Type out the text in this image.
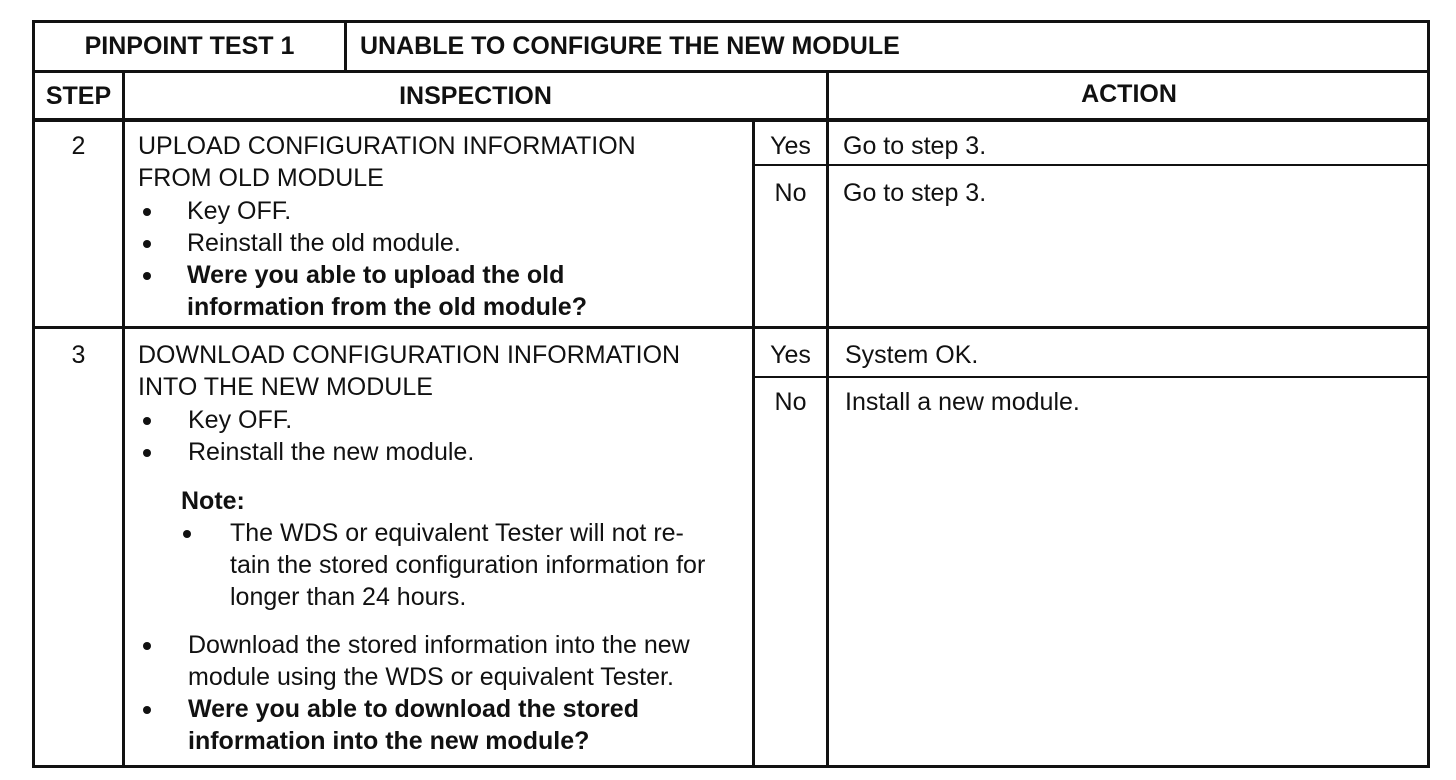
PINPOINT TEST 1	UNABLE TO CONFIGURE THE NEW MODULE
STEP	INSPECTION	ACTION
2	UPLOAD CONFIGURATION INFORMATION
FROM OLD MODULE
Key OFF.
Reinstall the old module.
Were you able to upload the old
information from the old module?
Yes	Go to step 3.
No	Go to step 3.
3	DOWNLOAD CONFIGURATION INFORMATION
INTO THE NEW MODULE
Key OFF.
Reinstall the new module.
Note:
The WDS or equivalent Tester will not re-
tain the stored configuration information for
longer than 24 hours.
Download the stored information into the new
module using the WDS or equivalent Tester.
Were you able to download the stored
information into the new module?
Yes	System OK.
No	Install a new module.
